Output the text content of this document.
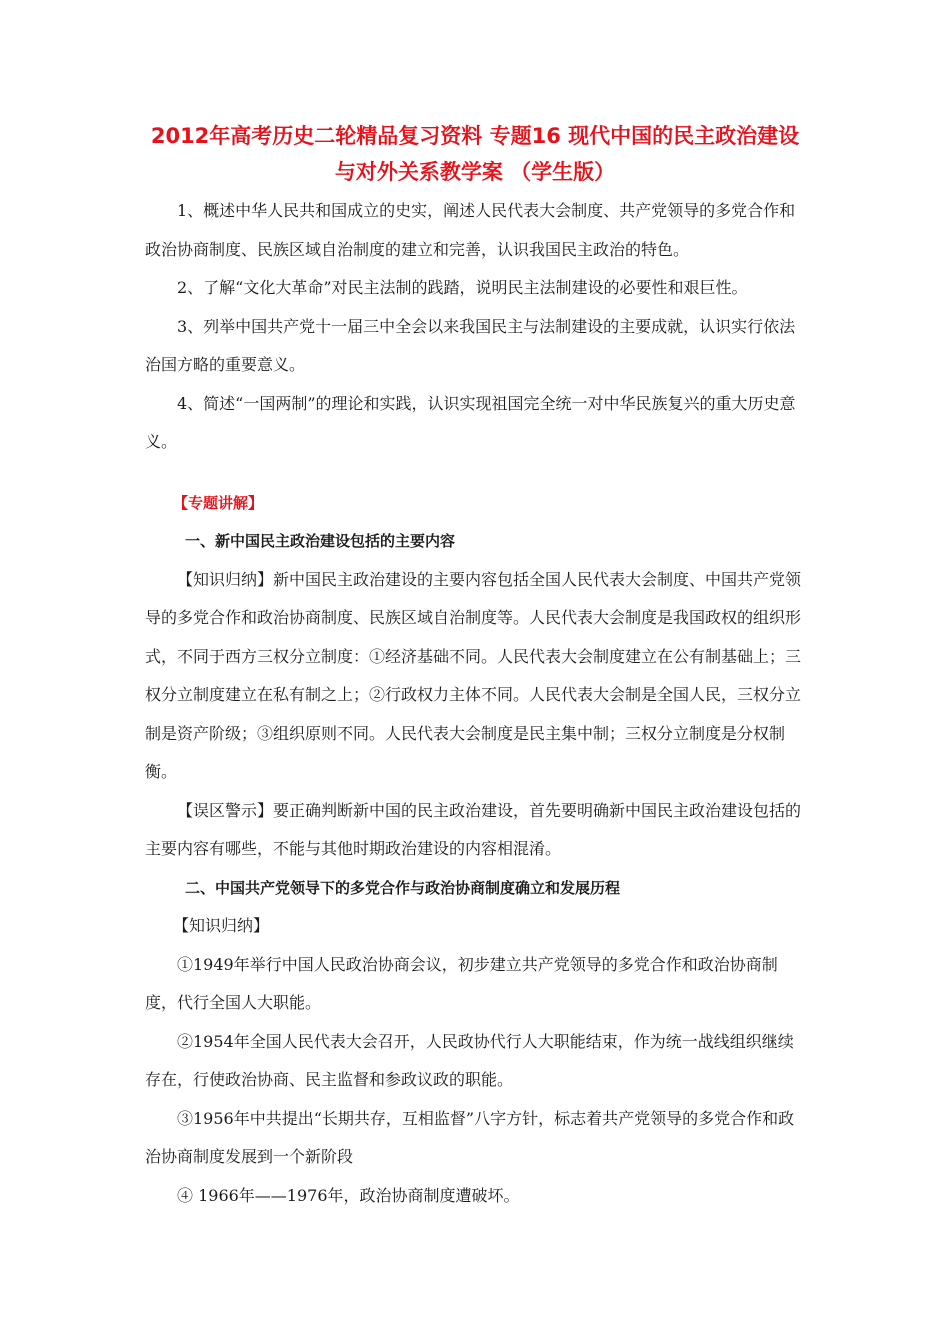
2012年高考历史二轮精品复习资料 专题16 现代中国的民主政治建设与对外关系教学案 （学生版）

1、概述中华人民共和国成立的史实，阐述人民代表大会制度、共产党领导的多党合作和政治协商制度、民族区域自治制度的建立和完善，认识我国民主政治的特色。

2、了解“文化大革命”对民主法制的践踏，说明民主法制建设的必要性和艰巨性。

3、列举中国共产党十一届三中全会以来我国民主与法制建设的主要成就，认识实行依法治国方略的重要意义。

4、简述“一国两制”的理论和实践，认识实现祖国完全统一对中华民族复兴的重大历史意义。

【专题讲解】

一、新中国民主政治建设包括的主要内容

【知识归纳】新中国民主政治建设的主要内容包括全国人民代表大会制度、中国共产党领导的多党合作和政治协商制度、民族区域自治制度等。人民代表大会制度是我国政权的组织形式，不同于西方三权分立制度：①经济基础不同。人民代表大会制度建立在公有制基础上；三权分立制度建立在私有制之上；②行政权力主体不同。人民代表大会制是全国人民，三权分立制是资产阶级；③组织原则不同。人民代表大会制度是民主集中制；三权分立制度是分权制衡。

【误区警示】要正确判断新中国的民主政治建设，首先要明确新中国民主政治建设包括的主要内容有哪些，不能与其他时期政治建设的内容相混淆。

二、中国共产党领导下的多党合作与政治协商制度确立和发展历程

【知识归纳】

①1949年举行中国人民政治协商会议，初步建立共产党领导的多党合作和政治协商制度，代行全国人大职能。

②1954年全国人民代表大会召开，人民政协代行人大职能结束，作为统一战线组织继续存在，行使政治协商、民主监督和参政议政的职能。

③1956年中共提出“长期共存，互相监督”八字方针，标志着共产党领导的多党合作和政治协商制度发展到一个新阶段

④ 1966年——1976年，政治协商制度遭破坏。
